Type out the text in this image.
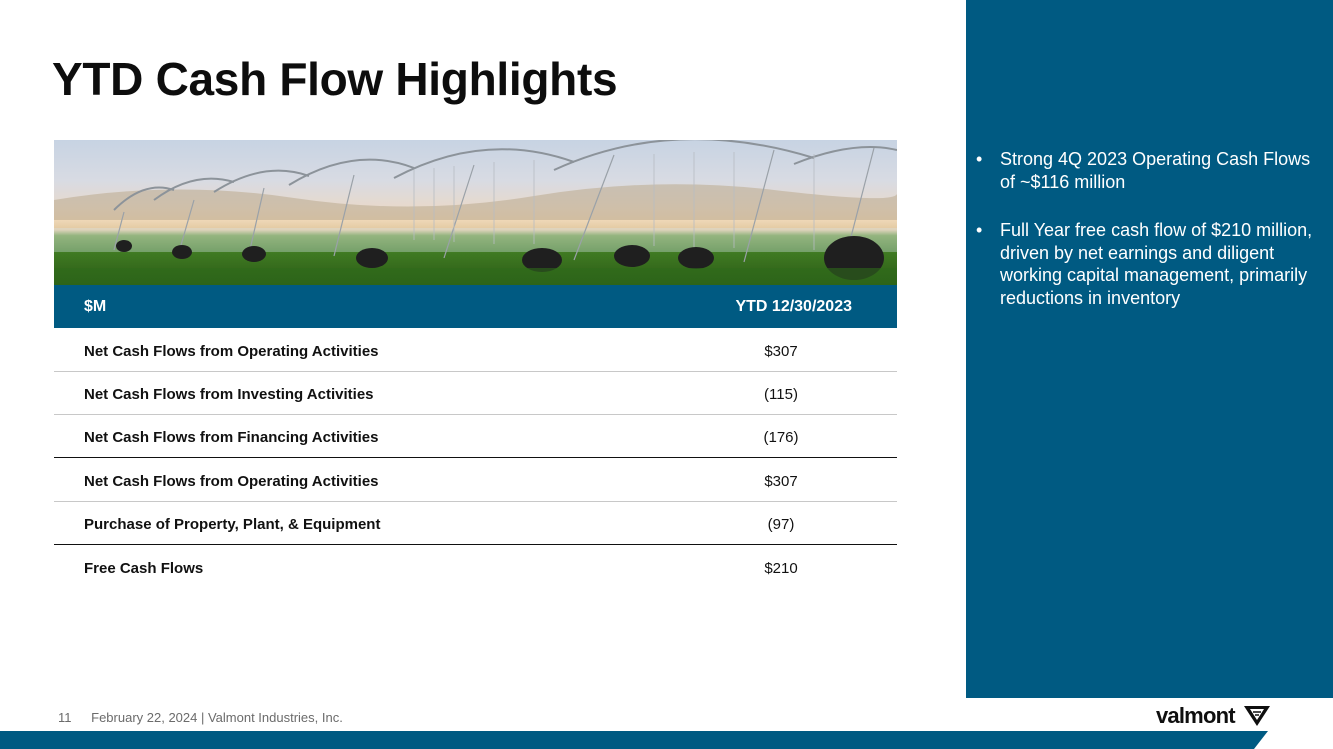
YTD Cash Flow Highlights
$M	YTD 12/30/2023
Net Cash Flows from Operating Activities	$307
Net Cash Flows from Investing Activities	(115)
Net Cash Flows from Financing Activities	(176)
Net Cash Flows from Operating Activities	$307
Purchase of Property, Plant, & Equipment	(97)
Free Cash Flows	$210
• Strong 4Q 2023 Operating Cash Flows of ~$116 million
• Full Year free cash flow of $210 million, driven by net earnings and diligent working capital management, primarily reductions in inventory
11 February 22, 2024 | Valmont Industries, Inc.	valmont
